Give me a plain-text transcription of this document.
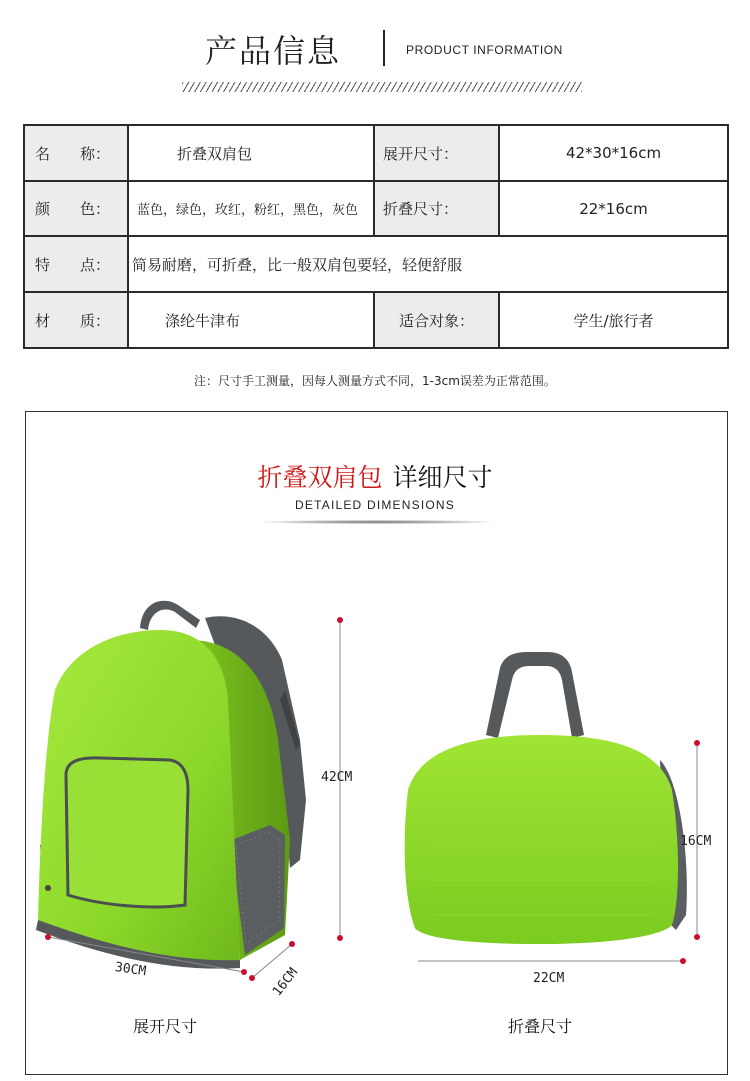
产品信息	PRODUCT INFORMATION
名　　称：	折叠双肩包	展开尺寸：	42*30*16cm
颜　　色：	蓝色，绿色，玫红，粉红，黑色，灰色	折叠尺寸：	22*16cm
特　　点：	简易耐磨，可折叠，比一般双肩包要轻，轻便舒服		
材　　质：	涤纶牛津布	适合对象：	学生/旅行者
注：尺寸手工测量，因每人测量方式不同，1-3cm误差为正常范围。
折叠双肩包 详细尺寸
DETAILED DIMENSIONS
42CM
30CM	16CM
16CM
22CM
展开尺寸	折叠尺寸
